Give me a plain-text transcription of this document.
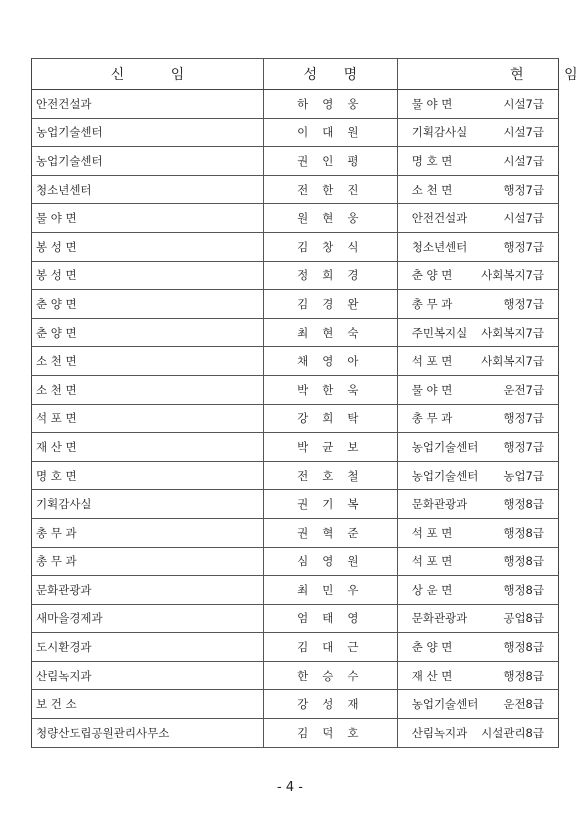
신 임	성 명	현 임	
안전건설과	하 영 웅	물 야 면	시설7급
농업기술센터	이 대 원	기획감사실	시설7급
농업기술센터	권 인 평	명 호 면	시설7급
청소년센터	전 한 진	소 천 면	행정7급
물 야 면	원 현 웅	안전건설과	시설7급
봉 성 면	김 창 식	청소년센터	행정7급
봉 성 면	정 희 경	춘 양 면	사회복지7급
춘 양 면	김 경 완	총 무 과	행정7급
춘 양 면	최 현 숙	주민복지실	사회복지7급
소 천 면	채 영 아	석 포 면	사회복지7급
소 천 면	박 한 욱	물 야 면	운전7급
석 포 면	강 희 탁	총 무 과	행정7급
재 산 면	박 균 보	농업기술센터	행정7급
명 호 면	전 호 철	농업기술센터	농업7급
기획감사실	권 기 복	문화관광과	행정8급
총 무 과	권 혁 준	석 포 면	행정8급
총 무 과	심 영 원	석 포 면	행정8급
문화관광과	최 민 우	상 운 면	행정8급
새마을경제과	엄 태 영	문화관광과	공업8급
도시환경과	김 대 근	춘 양 면	행정8급
산림녹지과	한 승 수	재 산 면	행정8급
보 건 소	강 성 재	농업기술센터	운전8급
청량산도립공원관리사무소	김 덕 호	산림녹지과	시설관리8급
- 4 -
